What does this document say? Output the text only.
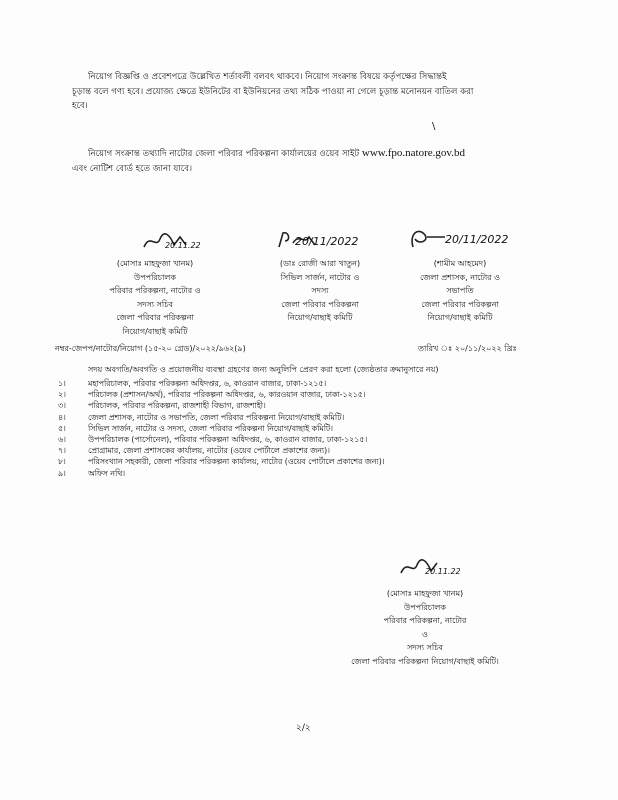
নিয়োগ বিজ্ঞপ্তি ও প্রবেশপত্রে উল্লেখিত শর্তাবলী বলবৎ থাকবে। নিয়োগ সংক্রান্ত বিষয়ে কর্তৃপক্ষের সিদ্ধান্তই
চূড়ান্ত বলে গণ্য হবে। প্রযোজ্য ক্ষেত্রে ইউনিটের বা ইউনিয়নের তথ্য সঠিক পাওয়া না গেলে চূড়ান্ত মনোনয়ন বাতিল করা
হবে।
\
নিয়োগ সংক্রান্ত তথ্যাদি নাটোর জেলা পরিবার পরিকল্পনা কার্যালয়ের ওয়েব সাইট www.fpo.natore.gov.bd
এবং নোটিশ বোর্ড হতে জানা যাবে।
20.11.22
(মোসাঃ মাহফুজা খানম)
উপপরিচালক
পরিবার পরিকল্পনা, নাটোর ও
সদস্য সচিব
জেলা পরিবার পরিকল্পনা
নিয়োগ/বাছাই কমিটি
20/11/2022
(ডাঃ রোজী আরা খাতুন)
সিভিল সার্জন, নাটোর ও
সদস্য
জেলা পরিবার পরিকল্পনা
নিয়োগ/বাছাই কমিটি
20/11/2022
(শামীম আহমেদ)
জেলা প্রশাসক, নাটোর ও
সভাপতি
জেলা পরিবার পরিকল্পনা
নিয়োগ/বাছাই কমিটি
নম্বর-জেপপ/নাটোর/নিয়োগ (১৫-২০ গ্রেড)/২০২২/৯৬২(৯)	তারিখ ঃ ২০/১১/২০২২ খ্রিঃ
সদয় অবগতি/অবগতি ও প্রয়োজনীয় ব্যবস্থা গ্রহণের জন্য অনুলিপি প্রেরণ করা হলো (জ্যেষ্ঠতার ক্রমানুসারে নয়)
১।	মহাপরিচালক, পরিবার পরিকল্পনা অধিদপ্তর, ৬, কাওরান বাজার, ঢাকা-১২১৫।
২।	পরিচালক (প্রশাসন/অর্থ), পরিবার পরিকল্পনা অধিদপ্তর, ৬, কারওয়ান বাজার, ঢাকা-১২১৫।
৩।	পরিচালক, পরিবার পরিকল্পনা, রাজশাহী বিভাগ, রাজশাহী।
৪।	জেলা প্রশাসক, নাটোর ও সভাপতি, জেলা পরিবার পরিকল্পনা নিয়োগ/বাছাই কমিটি।
৫।	সিভিল সার্জন, নাটোর ও সদস্য, জেলা পরিবার পরিকল্পনা নিয়োগ/বাছাই কমিটি।
৬।	উপপরিচালক (পার্সোনেল), পরিবার পরিকল্পনা অধিদপ্তর, ৬, কাওরান বাজার, ঢাকা-১২১৫।
৭।	প্রোগ্রামার, জেলা প্রশাসকের কার্যালয়, নাটোর (ওয়েব পোর্টালে প্রকাশের জন্য)।
৮।	পরিসংখ্যান সহকারী, জেলা পরিবার পরিকল্পনা কার্যালয়, নাটোর (ওয়েব পোর্টালে প্রকাশের জন্য)।
৯।	অফিস নথি।
20.11.22
(মোসাঃ মাহফুজা খানম)
উপপরিচালক
পরিবার পরিকল্পনা, নাটোর
ও
সদস্য সচিব
জেলা পরিবার পরিকল্পনা নিয়োগ/বাছাই কমিটি।
২/২
